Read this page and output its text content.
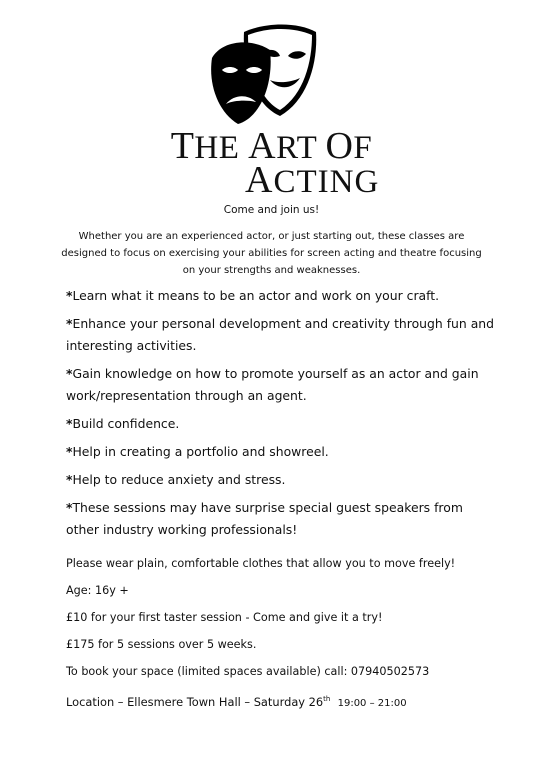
THE ART OF
ACTING
Come and join us!
Whether you are an experienced actor, or just starting out, these classes are designed to focus on exercising your abilities for screen acting and theatre focusing on your strengths and weaknesses.
*Learn what it means to be an actor and work on your craft.
*Enhance your personal development and creativity through fun and interesting activities.
*Gain knowledge on how to promote yourself as an actor and gain work/representation through an agent.
*Build confidence.
*Help in creating a portfolio and showreel.
*Help to reduce anxiety and stress.
*These sessions may have surprise special guest speakers from other industry working professionals!

Please wear plain, comfortable clothes that allow you to move freely!

Age: 16y +

£10 for your first taster session - Come and give it a try!

£175 for 5 sessions over 5 weeks.

To book your space (limited spaces available) call: 07940502573

Location – Ellesmere Town Hall – Saturday 26th 19:00 – 21:00
